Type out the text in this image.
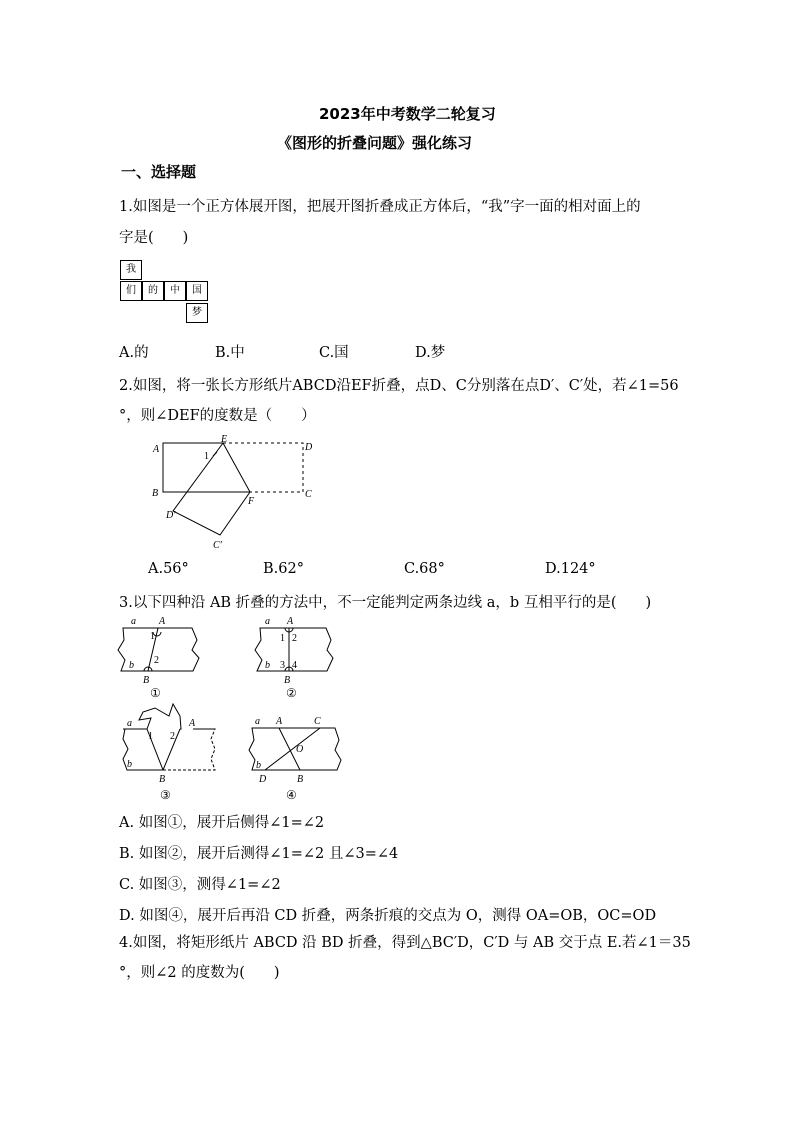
2023年中考数学二轮复习
《图形的折叠问题》强化练习
一、选择题
1.如图是一个正方体展开图，把展开图折叠成正方体后，“我”字一面的相对面上的
字是(　　)
我
们	的	中	国
梦
A.的	B.中	C.国	D.梦
2.如图，将一张长方形纸片ABCD沿EF折叠，点D、C分别落在点D′、C′处，若∠1=56
°，则∠DEF的度数是（　　）
A
E
D
1
B
F
C
D′
C′
A.56°	B.62°	C.68°	D.124°
3.以下四种沿 AB 折叠的方法中，不一定能判定两条边线 a，b 互相平行的是(　　)
a A
1
b 2
B
a A
1 2
b 3 4
B
a	A
1 2
b
B
a A	C
O
b
D	B
①	②
③	④
A. 如图①，展开后侧得∠1=∠2
B. 如图②，展开后测得∠1=∠2 且∠3=∠4
C. 如图③，测得∠1=∠2
D. 如图④，展开后再沿 CD 折叠，两条折痕的交点为 O，测得 OA=OB，OC=OD
4.如图，将矩形纸片 ABCD 沿 BD 折叠，得到△BC′D，C′D 与 AB 交于点 E.若∠1＝35
°，则∠2 的度数为(　　)
